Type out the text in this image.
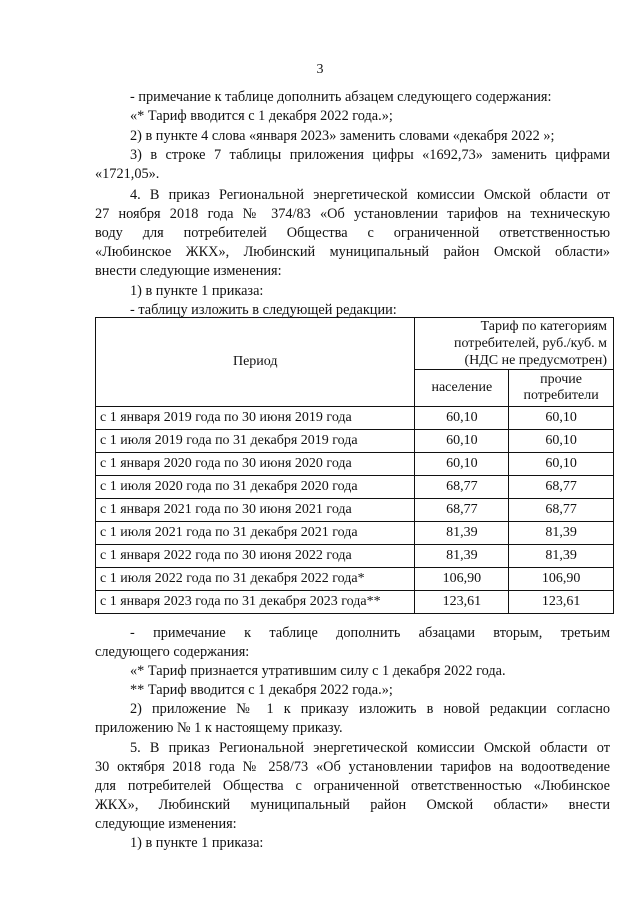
3
- примечание к таблице дополнить абзацем следующего содержания:
«* Тариф вводится с 1 декабря 2022 года.»;
2) в пункте 4 слова «января 2023» заменить словами «декабря 2022 »;
3) в строке 7 таблицы приложения цифры «1692,73» заменить цифрами
«1721,05».
4. В приказ Региональной энергетической комиссии Омской области от
27 ноября 2018 года № 374/83 «Об установлении тарифов на техническую
воду для потребителей Общества с ограниченной ответственностью
«Любинское ЖКХ», Любинский муниципальный район Омской области»
внести следующие изменения:
1) в пункте 1 приказа:
- таблицу изложить в следующей редакции:
Период	Тариф по категориям
потребителей, руб./куб. м
(НДС не предусмотрен)	
	население	прочие
потребители
с 1 января 2019 года по 30 июня 2019 года	60,10	60,10
с 1 июля 2019 года по 31 декабря 2019 года	60,10	60,10
с 1 января 2020 года по 30 июня 2020 года	60,10	60,10
с 1 июля 2020 года по 31 декабря 2020 года	68,77	68,77
с 1 января 2021 года по 30 июня 2021 года	68,77	68,77
с 1 июля 2021 года по 31 декабря 2021 года	81,39	81,39
с 1 января 2022 года по 30 июня 2022 года	81,39	81,39
с 1 июля 2022 года по 31 декабря 2022 года*	106,90	106,90
с 1 января 2023 года по 31 декабря 2023 года**	123,61	123,61
- примечание к таблице дополнить абзацами вторым, третьим
следующего содержания:
«* Тариф признается утратившим силу с 1 декабря 2022 года.
** Тариф вводится с 1 декабря 2022 года.»;
2) приложение № 1 к приказу изложить в новой редакции согласно
приложению № 1 к настоящему приказу.
5. В приказ Региональной энергетической комиссии Омской области от
30 октября 2018 года № 258/73 «Об установлении тарифов на водоотведение
для потребителей Общества с ограниченной ответственностью «Любинское
ЖКХ», Любинский муниципальный район Омской области» внести
следующие изменения:
1) в пункте 1 приказа:
